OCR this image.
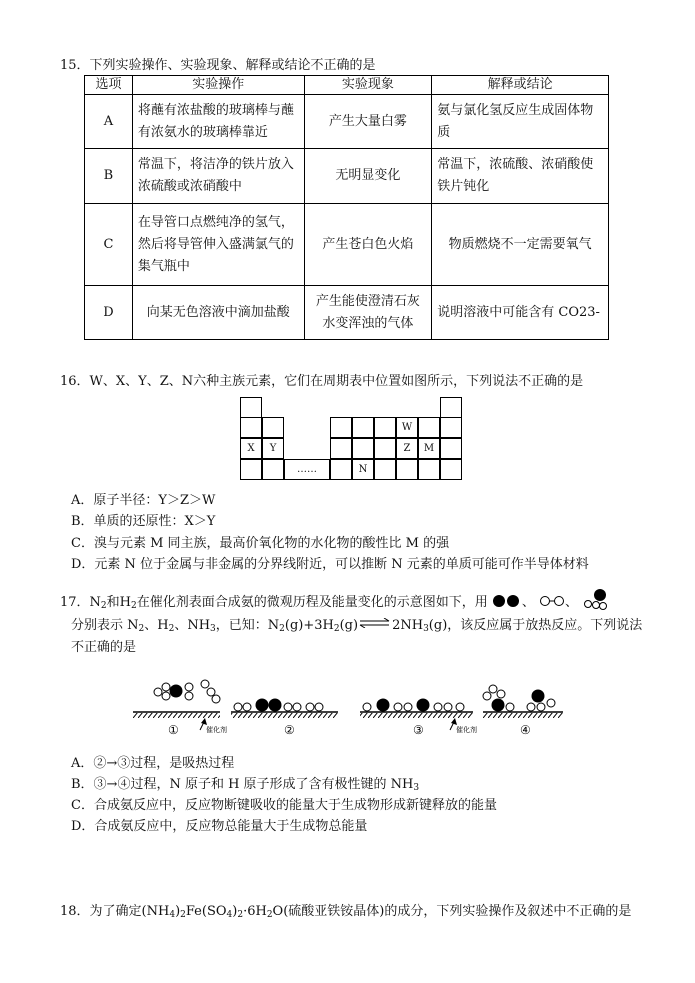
15．下列实验操作、实验现象、解释或结论不正确的是
选项	实验操作	实验现象	解释或结论
A	将蘸有浓盐酸的玻璃棒与蘸有浓氨水的玻璃棒靠近	产生大量白雾	氨与氯化氢反应生成固体物质
B	常温下，将洁净的铁片放入浓硫酸或浓硝酸中	无明显变化	常温下，浓硫酸、浓硝酸使铁片钝化
C	在导管口点燃纯净的氢气，然后将导管伸入盛满氯气的集气瓶中	产生苍白色火焰	物质燃烧不一定需要氧气
D	向某无色溶液中滴加盐酸	产生能使澄清石灰水变浑浊的气体	说明溶液中可能含有 CO23-
16．W、X、Y、Z、N六种主族元素，它们在周期表中位置如图所示，下列说法不正确的是
W
X	Y	Z	M
……	N
A．原子半径：Y＞Z＞W
B．单质的还原性：X＞Y
C．溴与元素 M 同主族，最高价氧化物的水化物的酸性比 M 的强
D．元素 N 位于金属与非金属的分界线附近，可以推断 N 元素的单质可能可作半导体材料
17．$N_2$和$H_2$在催化剂表面合成氨的微观历程及能量变化的示意图如下，用	、 、
分别表示 $N_2$、$H_2$、$NH_3$，已知：$N_2(g)+3H_2(g)\rightleftharpoons 2NH_3(g)$，该反应属于放热反应。下列说法
不正确的是
催化剂
①	②	催化剂
③	④
A．②→③过程，是吸热过程
B．③→④过程，N 原子和 H 原子形成了含有极性键的 $NH_3$
C．合成氨反应中，反应物断键吸收的能量大于生成物形成新键释放的能量
D．合成氨反应中，反应物总能量大于生成物总能量
18．为了确定$(NH_4)_2Fe(SO_4)_2\cdot 6H_2O$(硫酸亚铁铵晶体)的成分，下列实验操作及叙述中不正确的是
